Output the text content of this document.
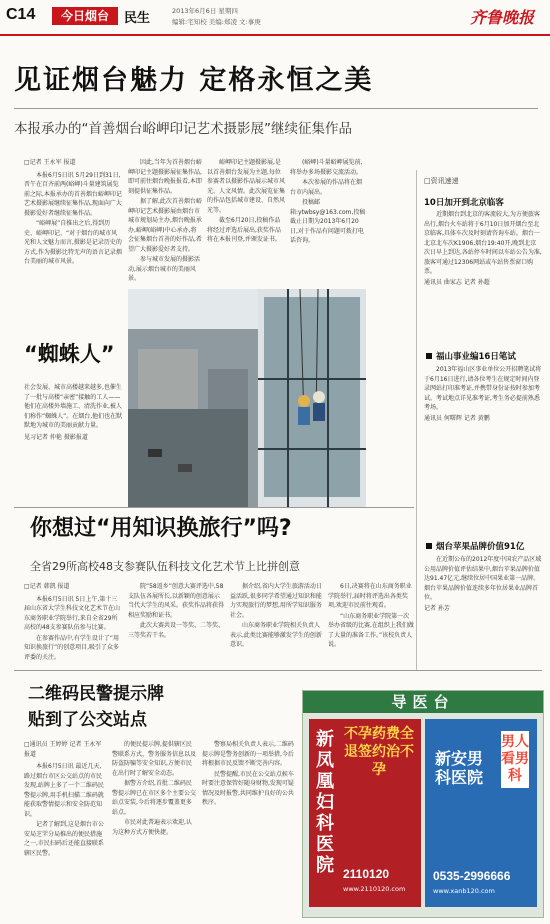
C14	今日烟台	民生	2013年6月6日 星期四
编辑:宅知校 美编:郑凌 文:事庚	齐鲁晚报
见证烟台魅力 定格永恒之美
本报承办的“首善烟台峪岬印记艺术摄影展”继续征集作品
□记者 王永军 报道

本报6月5日讯 5月29日到31日,晋午在百齐前两(峪岬)斗量建筑展览前之际,本报承办的首善烟台峪岬印记艺术摄影展继续征集作品,现面向广大摄影爱好者继续征集作品。

“峪岬展”自推出之后,得到历史、峪岬印记、“对于烟台的城市风光和人文魅力而言,摄影是记录历史的方式,作为摄影比特无声的语言记录烟台美丽的城市风景。

因此,当年为首善烟台峪岬印记主题摄影展征集作品,即可前往烟台晚报报看,本即刻提供征集作品。

据了解,此次首善烟台峪岬印记艺术摄影展由烟台市城市规划局主办,烟台晚报承办,峪岬(峪岬)中心承办,将会征集烟台首善的好作品,希望广大摄影爱好者支持。

参与城市发展的摄影活动,展示烟台城市的美丽风景。

峪岬印记主题摄影展,是以首善烟台发展为主题,每位参赛者以摄影作品展示城市风光、人文风情。此次展览征集的作品包括城市建设、自然风光等。

截至6月20日,投稿作品将经过评选后展出,获奖作品将在本报刊登,并颁发证书。

(峪岬)斗量峪岬展览前,将举办多场摄影交流活动。

本次参展的作品将在烟台市内展出。

投稿邮箱:ytwbsy@163.com,投稿截止日期为2013年6月20日,对于作品有问题可拨打电话咨询。

“蜘蛛人”
社会发展、城市高楼越来越多,也催生了一批与高楼“亲密”接触的工人——他们在高楼外墙施工、清洗作业,被人们称作“蜘蛛人”。在烟台,他们也在默默地为城市的美丽贡献力量。
见习记者 仲艳 摄影报道
□资讯速递
10日加开到北京临客

近期烟台到北京的客流较大,为方便旅客出行,烟台火车站将于6月10日加开烟台至北京临客,具体车次及时刻请咨询车站。烟台一北京北车次K1906,烟台19:40开,晚到北京次日早上到达,各站停车时间以车站公告为准,旅客可通过12306网站或车站售票窗口购票。

通讯员 曲家志 记者 孙超
福山事业编16日笔试

2013年福山区事业单位公开招聘笔试将于6月16日进行,请各位考生在规定时间内登录网站打印准考证,并携带身份证按时参加考试。考试地点详见准考证,考生务必提前熟悉考场。

通讯员 何曙辉 记者 黄鹏
烟台苹果品牌价值91亿

在近期公布的2012年度中国农产品区域公用品牌价值评估结果中,烟台苹果品牌价值达91.47亿元,继续位居中国果业第一品牌。烟台苹果品牌价值连续多年位居果业品牌首位。

记者 孙芳
你想过“用知识换旅行”吗?
全省29所高校48支参赛队伍科技文化艺术节上比拼创意
□记者 韩凯 报道

本报6月5日讯 5日上午,第十三届山东省大学生科技文化艺术节在山东商务职业学院举行,来自全省29所高校的48支参赛队伍参与比赛。

在参赛作品中,有学生设计了“用知识换旅行”的创意项目,吸引了众多评委的关注。

院“58返乡”创意大赛评选中,58支队伍各展所长,以新颖的创意展示当代大学生的风采。获奖作品将获得相应奖励和证书。

此次大赛共设一等奖、二等奖、三等奖若干名。

据介绍,省内大学生旅游活动日益活跃,很多同学希望通过知识和能力实现旅行的梦想,用所学知识服务社会。

山东商务职业学院相关负责人表示,此类比赛能够激发学生的创新意识。

6日,决赛将在山东商务职业学院举行,届时将评选出各类奖项,欢迎市民前往观看。

“山东商务职业学院第一次举办省级的比赛,在组织上我们做了大量的准备工作。”该校负责人说。

二维码民警提示牌
贴到了公交站点
□通讯员 王婷婷 记者 王永军 报道

本报6月5日讯 最近几天,路过烟台市区公交站点的市民发现,站牌上多了一个二维码民警提示牌,用手机扫描二维码就能获取警情提示和安全防范知识。

记者了解到,这是烟台市公安局芝罘分局推出的便民措施之一,市民扫码后还能直接联系辖区民警。

的便民提示牌,提供辖区民警联系方式、警务服务信息以及防盗防骗等安全知识,方便市民在出行时了解安全动态。

据警方介绍,首批二维码民警提示牌已在市区多个主要公交站点安装,今后将逐步覆盖更多站点。

市民对此普遍表示欢迎,认为这种方式方便快捷。

警察局相关负责人表示,二维码提示牌是警务创新的一项举措,今后将根据市民反馈不断完善内容。

民警提醒,市民在公交站点候车时要注意保管好随身财物,发现可疑情况及时报警,共同维护良好的公共秩序。

导医台
新凤凰妇科医院
不孕药费全退签约治不孕
2110120
www.2110120.com
新安男科医院
男人看男科
0535-2996666
www.xanb120.com
